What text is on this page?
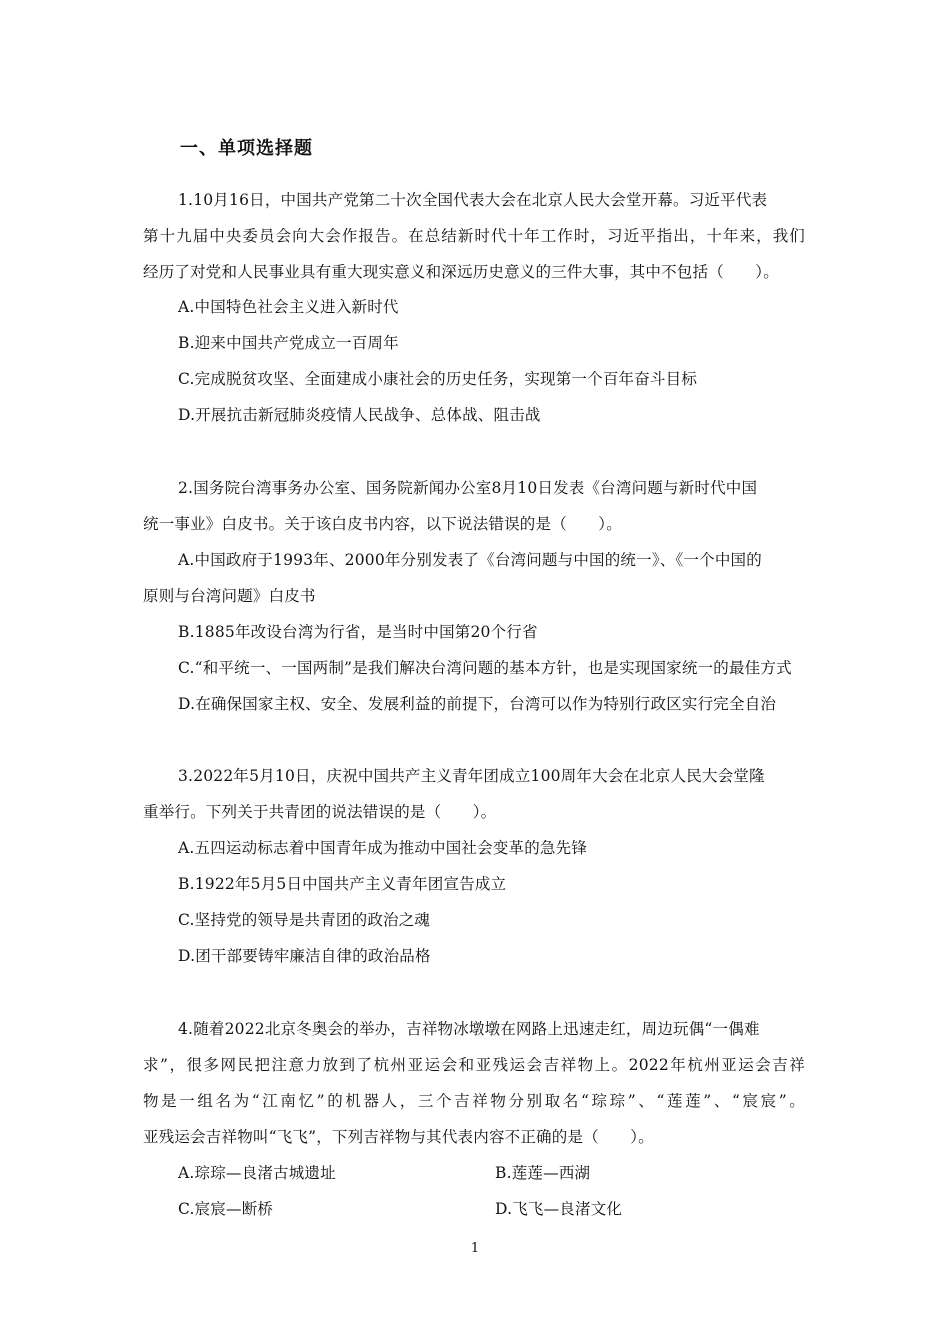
一、单项选择题
1.10月16日，中国共产党第二十次全国代表大会在北京人民大会堂开幕。习近平代表
第十九届中央委员会向大会作报告。在总结新时代十年工作时，习近平指出，十年来，我们
经历了对党和人民事业具有重大现实意义和深远历史意义的三件大事，其中不包括（　　）。
A.中国特色社会主义进入新时代
B.迎来中国共产党成立一百周年
C.完成脱贫攻坚、全面建成小康社会的历史任务，实现第一个百年奋斗目标
D.开展抗击新冠肺炎疫情人民战争、总体战、阻击战
2.国务院台湾事务办公室、国务院新闻办公室8月10日发表《台湾问题与新时代中国
统一事业》白皮书。关于该白皮书内容，以下说法错误的是（　　）。
A.中国政府于1993年、2000年分别发表了《台湾问题与中国的统一》、《一个中国的
原则与台湾问题》白皮书
B.1885年改设台湾为行省，是当时中国第20个行省
C.“和平统一、一国两制”是我们解决台湾问题的基本方针，也是实现国家统一的最佳方式
D.在确保国家主权、安全、发展利益的前提下，台湾可以作为特别行政区实行完全自治
3.2022年5月10日，庆祝中国共产主义青年团成立100周年大会在北京人民大会堂隆
重举行。下列关于共青团的说法错误的是（　　）。
A.五四运动标志着中国青年成为推动中国社会变革的急先锋
B.1922年5月5日中国共产主义青年团宣告成立
C.坚持党的领导是共青团的政治之魂
D.团干部要铸牢廉洁自律的政治品格
4.随着2022北京冬奥会的举办，吉祥物冰墩墩在网路上迅速走红，周边玩偶“一偶难
求”，很多网民把注意力放到了杭州亚运会和亚残运会吉祥物上。2022年杭州亚运会吉祥
物是一组名为“江南忆”的机器人，三个吉祥物分别取名“琮琮”、“莲莲”、“宸宸”。
亚残运会吉祥物叫“飞飞”，下列吉祥物与其代表内容不正确的是（　　）。
A.琮琮—良渚古城遗址	B.莲莲—西湖
C.宸宸—断桥	D.飞飞—良渚文化
1
